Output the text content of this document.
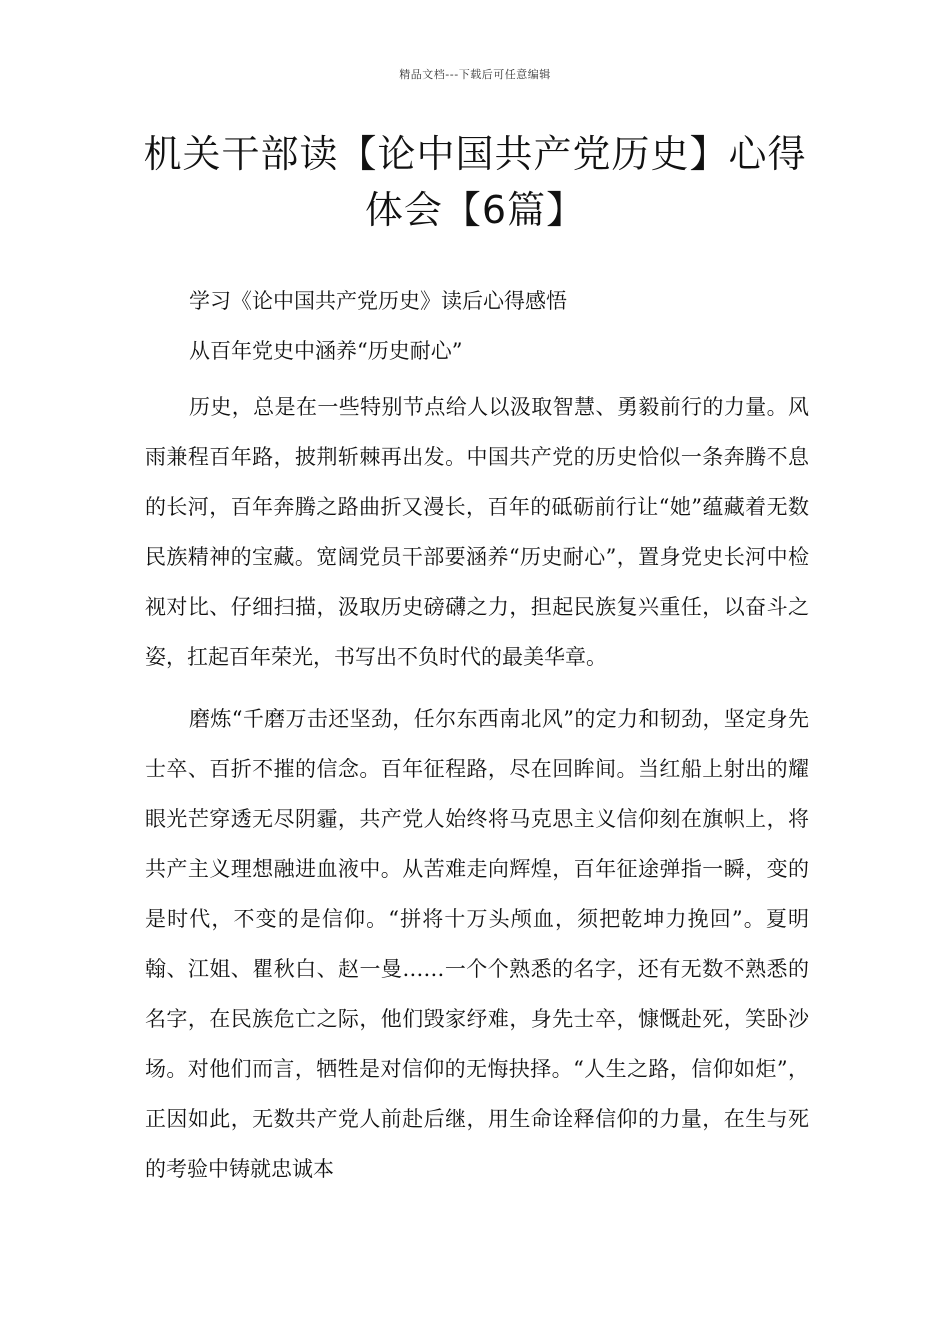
精品文档---下载后可任意编辑
机关干部读【论中国共产党历史】心得
体会【6篇】

学习《论中国共产党历史》读后心得感悟

从百年党史中涵养“历史耐心”

历史，总是在一些特别节点给人以汲取智慧、勇毅前行的力量。风雨兼程百年路，披荆斩棘再出发。中国共产党的历史恰似一条奔腾不息的长河，百年奔腾之路曲折又漫长，百年的砥砺前行让“她”蕴藏着无数民族精神的宝藏。宽阔党员干部要涵养“历史耐心”，置身党史长河中检视对比、仔细扫描，汲取历史磅礴之力，担起民族复兴重任，以奋斗之姿，扛起百年荣光，书写出不负时代的最美华章。

磨炼“千磨万击还坚劲，任尔东西南北风”的定力和韧劲，坚定身先士卒、百折不摧的信念。百年征程路，尽在回眸间。当红船上射出的耀眼光芒穿透无尽阴霾，共产党人始终将马克思主义信仰刻在旗帜上，将共产主义理想融进血液中。从苦难走向辉煌，百年征途弹指一瞬，变的是时代，不变的是信仰。“拼将十万头颅血，须把乾坤力挽回”。夏明翰、江姐、瞿秋白、赵一曼……一个个熟悉的名字，还有无数不熟悉的名字，在民族危亡之际，他们毁家纾难，身先士卒，慷慨赴死，笑卧沙场。对他们而言，牺牲是对信仰的无悔抉择。“人生之路，信仰如炬”，正因如此，无数共产党人前赴后继，用生命诠释信仰的力量，在生与死的考验中铸就忠诚本
